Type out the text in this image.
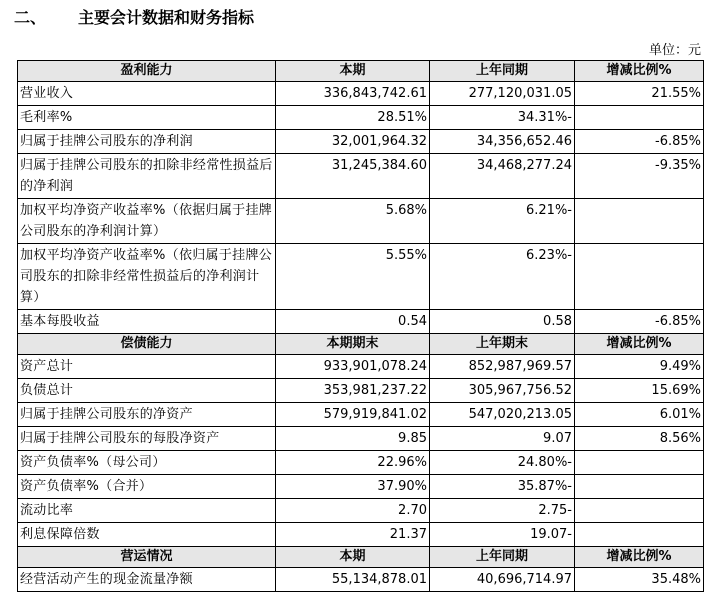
二、 主要会计数据和财务指标
单位：元
盈利能力	本期	上年同期	增减比例%
营业收入	336,843,742.61	277,120,031.05	21.55%
毛利率%	28.51%	34.31%-	
归属于挂牌公司股东的净利润	32,001,964.32	34,356,652.46	-6.85%
归属于挂牌公司股东的扣除非经常性损益后的净利润	31,245,384.60	34,468,277.24	-9.35%
加权平均净资产收益率%（依据归属于挂牌公司股东的净利润计算）	5.68%	6.21%-	
加权平均净资产收益率%（依归属于挂牌公司股东的扣除非经常性损益后的净利润计算）	5.55%	6.23%-	
基本每股收益	0.54	0.58	-6.85%
偿债能力	本期期末	上年期末	增减比例%
资产总计	933,901,078.24	852,987,969.57	9.49%
负债总计	353,981,237.22	305,967,756.52	15.69%
归属于挂牌公司股东的净资产	579,919,841.02	547,020,213.05	6.01%
归属于挂牌公司股东的每股净资产	9.85	9.07	8.56%
资产负债率%（母公司）	22.96%	24.80%-	
资产负债率%（合并）	37.90%	35.87%-	
流动比率	2.70	2.75-	
利息保障倍数	21.37	19.07-	
营运情况	本期	上年同期	增减比例%
经营活动产生的现金流量净额	55,134,878.01	40,696,714.97	35.48%
